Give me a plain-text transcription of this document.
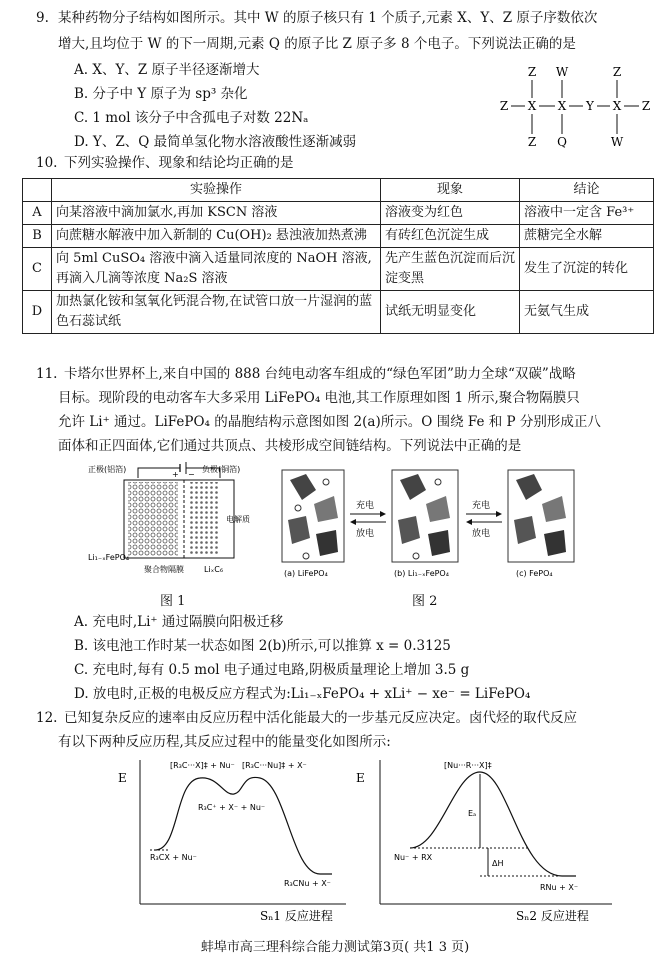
9. 某种药物分子结构如图所示。其中 W 的原子核只有 1 个质子,元素 X、Y、Z 原子序数依次
增大,且均位于 W 的下一周期,元素 Q 的原子比 Z 原子多 8 个电子。下列说法正确的是
A. X、Y、Z 原子半径逐渐增大
B. 分子中 Y 原子为 sp³ 杂化
C. 1 mol 该分子中含孤电子对数 22Nₐ
D. Y、Z、Q 最简单氢化物水溶液酸性逐渐减弱
Z W	Z
Z X X Y X Z
Z Q	W
10. 下列实验操作、现象和结论均正确的是
	实验操作	现象	结论
A	向某溶液中滴加氯水,再加 KSCN 溶液	溶液变为红色	溶液中一定含 Fe³⁺
B	向蔗糖水解液中加入新制的 Cu(OH)₂ 悬浊液加热煮沸	有砖红色沉淀生成	蔗糖完全水解
C	向 5ml CuSO₄ 溶液中滴入适量同浓度的 NaOH 溶液,再滴入几滴等浓度 Na₂S 溶液	先产生蓝色沉淀而后沉淀变黑	发生了沉淀的转化
D	加热氯化铵和氢氧化钙混合物,在试管口放一片湿润的蓝色石蕊试纸	试纸无明显变化	无氨气生成
11. 卡塔尔世界杯上,来自中国的 888 台纯电动客车组成的“绿色军团”助力全球“双碳”战略
目标。现阶段的电动客车大多采用 LiFePO₄ 电池,其工作原理如图 1 所示,聚合物隔膜只
允许 Li⁺ 通过。LiFePO₄ 的晶胞结构示意图如图 2(a)所示。O 围绕 Fe 和 P 分别形成正八
面体和正四面体,它们通过共顶点、共棱形成空间链结构。下列说法中正确的是
正极(铝箔)	负极(铜箔)
+ −
电解质
Li₁₋ₓFePO₄
聚合物隔膜	LiₓC₆
图 1
充电
放电
充电
放电
(a) LiFePO₄	(b) Li₁₋ₓFePO₄	(c) FePO₄
图 2
A. 充电时,Li⁺ 通过隔膜向阳极迁移
B. 该电池工作时某一状态如图 2(b)所示,可以推算 x = 0.3125
C. 充电时,每有 0.5 mol 电子通过电路,阴极质量理论上增加 3.5 g
D. 放电时,正极的电极反应方程式为:Li₁₋ₓFePO₄ + xLi⁺ − xe⁻ = LiFePO₄
12. 已知复杂反应的速率由反应历程中活化能最大的一步基元反应决定。卤代烃的取代反应
有以下两种反应历程,其反应过程中的能量变化如图所示:
E
[R₃C···X]‡ + Nu⁻ [R₃C···Nu]‡ + X⁻
R₃C⁺ + X⁻ + Nu⁻
R₃CX + Nu⁻
R₃CNu + X⁻
Sₙ1 反应进程
E
[Nu···R···X]‡
Eₐ
ΔH
Nu⁻ + RX
RNu + X⁻
Sₙ2 反应进程
蚌埠市高三理科综合能力测试第3页( 共1 3 页)
